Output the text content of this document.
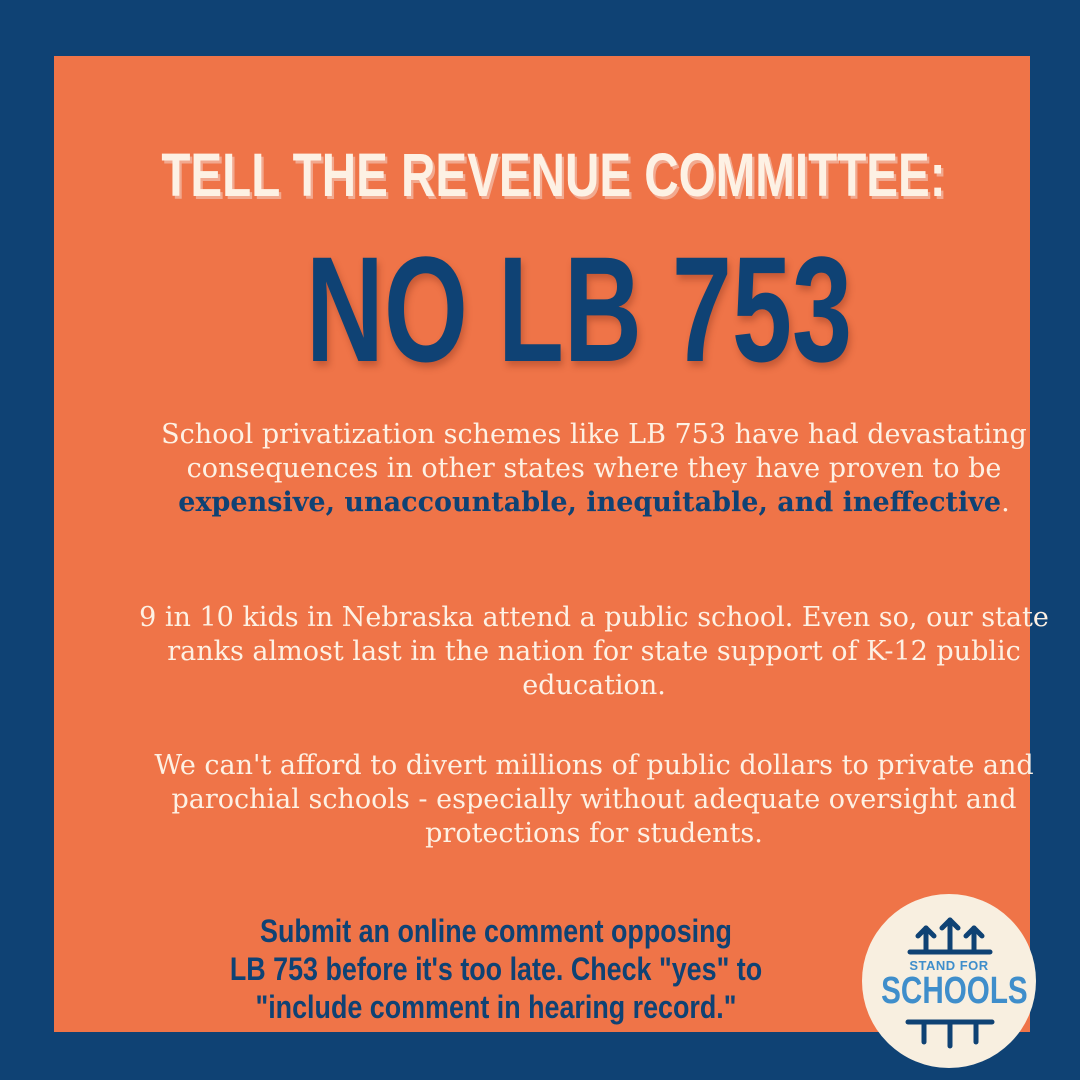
TELL THE REVENUE COMMITTEE:
NO LB 753
School privatization schemes like LB 753 have had devastating consequences in other states where they have proven to be expensive, unaccountable, inequitable, and ineffective.
9 in 10 kids in Nebraska attend a public school. Even so, our state ranks almost last in the nation for state support of K-12 public education.
We can't afford to divert millions of public dollars to private and parochial schools - especially without adequate oversight and protections for students.
Submit an online comment opposing
LB 753 before it's too late. Check "yes" to
"include comment in hearing record."
STAND FOR
SCHOOLS
